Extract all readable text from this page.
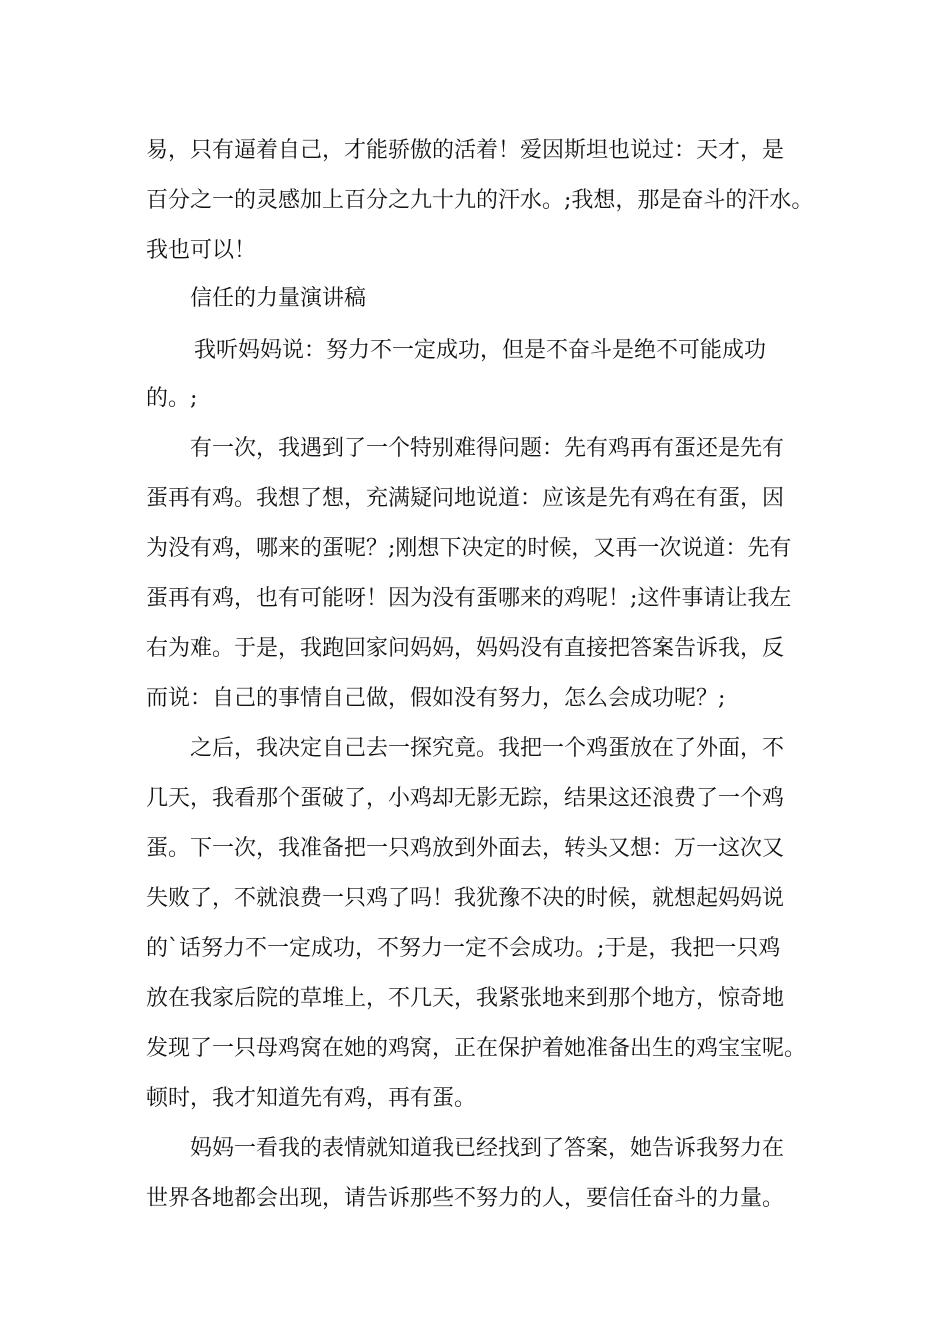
易，只有逼着自己，才能骄傲的活着！爱因斯坦也说过：天才，是

百分之一的灵感加上百分之九十九的汗水。;我想，那是奋斗的汗水。

我也可以！

信任的力量演讲稿

我听妈妈说：努力不一定成功，但是不奋斗是绝不可能成功

的。;

有一次，我遇到了一个特别难得问题：先有鸡再有蛋还是先有

蛋再有鸡。我想了想，充满疑问地说道：应该是先有鸡在有蛋，因

为没有鸡，哪来的蛋呢？;刚想下决定的时候，又再一次说道：先有

蛋再有鸡，也有可能呀！因为没有蛋哪来的鸡呢！;这件事请让我左

右为难。于是，我跑回家问妈妈，妈妈没有直接把答案告诉我，反

而说：自己的事情自己做，假如没有努力，怎么会成功呢？;

之后，我决定自己去一探究竟。我把一个鸡蛋放在了外面，不

几天，我看那个蛋破了，小鸡却无影无踪，结果这还浪费了一个鸡

蛋。下一次，我准备把一只鸡放到外面去，转头又想：万一这次又

失败了，不就浪费一只鸡了吗！我犹豫不决的时候，就想起妈妈说

的`话努力不一定成功，不努力一定不会成功。;于是，我把一只鸡

放在我家后院的草堆上，不几天，我紧张地来到那个地方，惊奇地

发现了一只母鸡窝在她的鸡窝，正在保护着她准备出生的鸡宝宝呢。

顿时，我才知道先有鸡，再有蛋。

妈妈一看我的表情就知道我已经找到了答案，她告诉我努力在

世界各地都会出现，请告诉那些不努力的人，要信任奋斗的力量。
